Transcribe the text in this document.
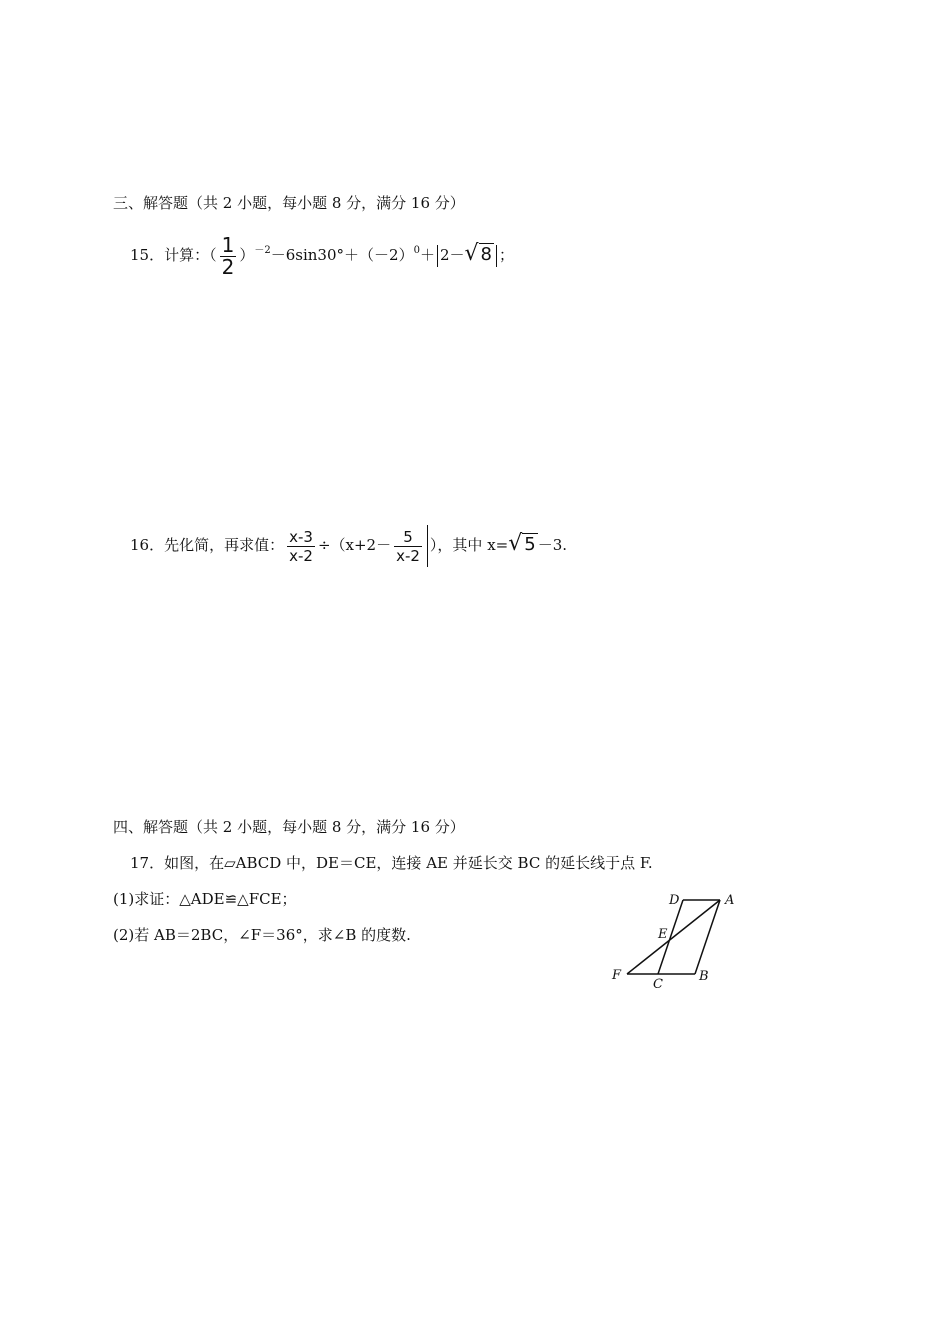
三、解答题（共 2 小题，每小题 8 分，满分 16 分）
15．计算：（ $\frac{1}{2} )^{-2}-6\sin 30^\circ+(-2)^0+ 2-√$ 8 ；
16．先化简，再求值： $\frac{x-3}{x-2} \div(x+2- \frac{5}{x-2}$ ），其中 x=√ 5 －3.
四、解答题（共 2 小题，每小题 8 分，满分 16 分）
17．如图，在▱ABCD 中，DE＝CE，连接 AE 并延长交 BC 的延长线于点 F.
(1)求证：△ADE≌△FCE；
(2)若 AB＝2BC，∠F＝36°，求∠B 的度数.
D	A
E
F
C
B
